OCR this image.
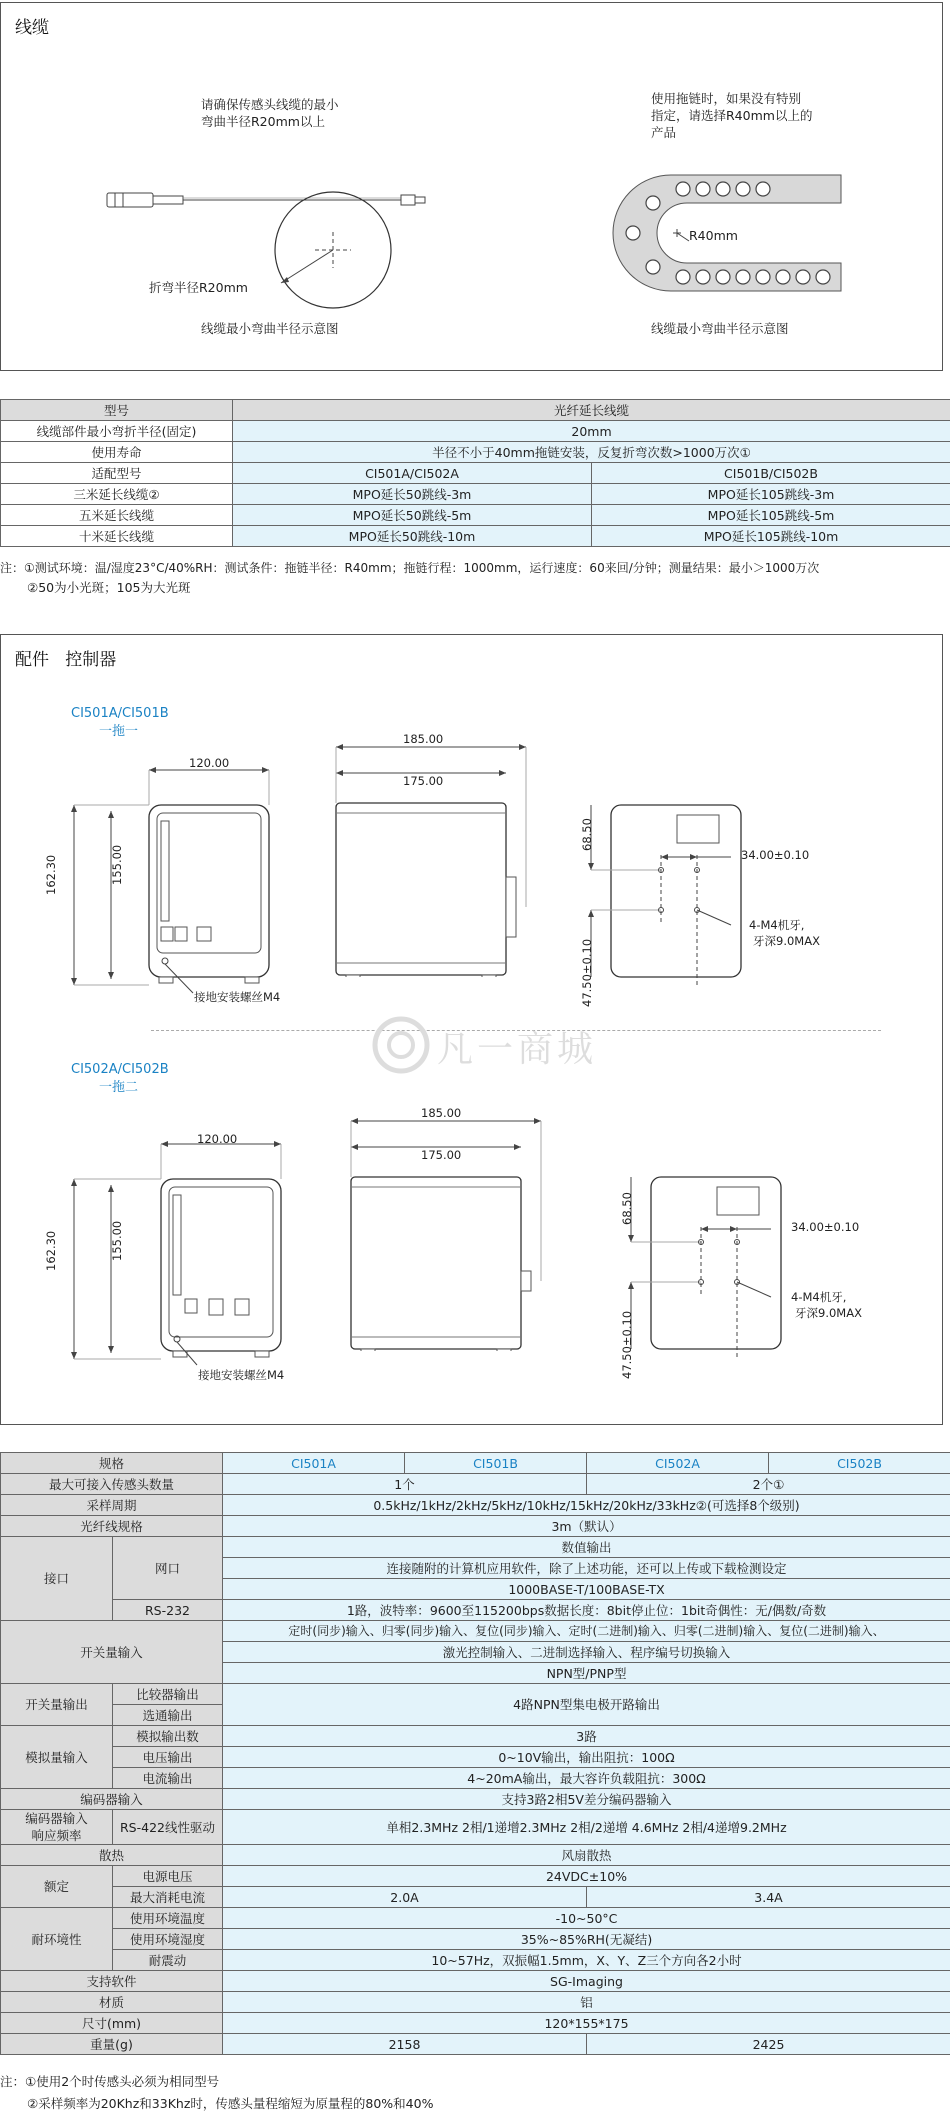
线缆
请确保传感头线缆的最小
弯曲半径R20mm以上
折弯半径R20mm
线缆最小弯曲半径示意图
使用拖链时，如果没有特别
指定，请选择R40mm以上的
产品
R40mm
线缆最小弯曲半径示意图
型号	光纤延长线缆	
线缆部件最小弯折半径(固定)	20mm	
使用寿命	半径不小于40mm拖链安装，反复折弯次数>1000万次①	
适配型号	CI501A/CI502A	CI501B/CI502B
三米延长线缆②	MPO延长50跳线-3m	MPO延长105跳线-3m
五米延长线缆	MPO延长50跳线-5m	MPO延长105跳线-5m
十米延长线缆	MPO延长50跳线-10m	MPO延长105跳线-10m
注：①测试环境：温/湿度23°C/40%RH：测试条件：拖链半径：R40mm；拖链行程：1000mm，运行速度：60来回/分钟；测量结果：最小＞1000万次
②50为小光斑；105为大光斑
配件   控制器
CI501A/CI501B
一拖一
120.00
162.30	155.00
接地安装螺丝M4
185.00
175.00
68.50
47.50±0.10
34.00±0.10
4-M4机牙,
牙深9.0MAX
凡一商城
CI502A/CI502B
一拖二
120.00
162.30	155.00
接地安装螺丝M4
185.00
175.00
68.50
47.50±0.10
34.00±0.10
4-M4机牙,
牙深9.0MAX
规格		CI501A	CI501B	CI502A	CI502B
最大可接入传感头数量		1个		2个①	
采样周期		0.5kHz/1kHz/2kHz/5kHz/10kHz/15kHz/20kHz/33kHz②(可选择8个级别)			
光纤线规格		3m（默认）			
接口	网口	数值输出			
		连接随附的计算机应用软件，除了上述功能，还可以上传或下载检测设定			
		1000BASE-T/100BASE-TX			
	RS-232	1路，波特率：9600至115200bps数据长度：8bit停止位：1bit奇偶性：无/偶数/奇数			
开关量输入		定时(同步)输入、归零(同步)输入、复位(同步)输入、定时(二进制)输入、归零(二进制)输入、复位(二进制)输入、			
		激光控制输入、二进制选择输入、程序编号切换输入			
		NPN型/PNP型			
开关量输出	比较器输出	4路NPN型集电极开路输出			
	选通输出				
模拟量输入	模拟输出数	3路			
	电压输出	0~10V输出，输出阻抗：100Ω			
	电流输出	4~20mA输出，最大容许负载阻抗：300Ω			
编码器输入		支持3路2相5V差分编码器输入			

编码器输入
响应频率	RS-422线性驱动	单相2.3MHz 2相/1递增2.3MHz 2相/2递增 4.6MHz 2相/4递增9.2MHz			
散热		风扇散热			
额定	电源电压	24VDC±10%			
	最大消耗电流	2.0A		3.4A	
耐环境性	使用环境温度	-10~50°C			
	使用环境湿度	35%~85%RH(无凝结)			
	耐震动	10~57Hz，双振幅1.5mm，X、Y、Z三个方向各2小时			
支持软件		SG-Imaging			
材质		铝			
尺寸(mm)		120*155*175			
重量(g)		2158		2425	
注：①使用2个时传感头必须为相同型号
②采样频率为20Khz和33Khz时，传感头量程缩短为原量程的80%和40%
